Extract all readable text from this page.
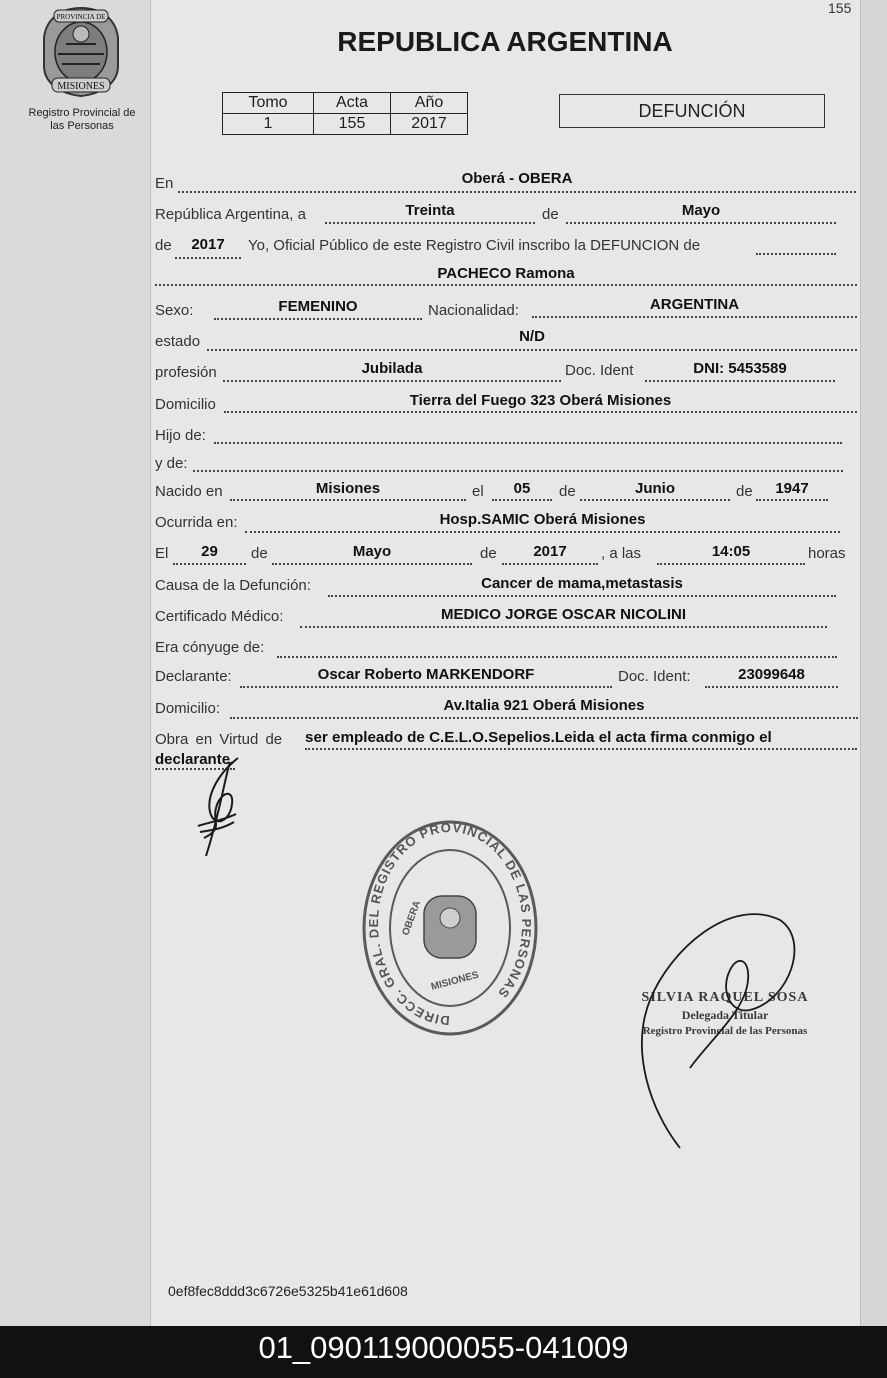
155
PROVINCIA DE
MISIONES
Registro Provincial de las Personas
REPUBLICA ARGENTINA
Tomo	Acta	Año
1	155	2017
DEFUNCIÓN
En	Oberá - OBERA
República Argentina, a	Treinta	de	Mayo
de	2017	Yo, Oficial Público de este Registro Civil inscribo la DEFUNCION de
PACHECO Ramona
Sexo:	FEMENINO	Nacionalidad:	ARGENTINA
estado	N/D
profesión	Jubilada	Doc. Ident	DNI: 5453589
Domicilio	Tierra del Fuego 323 Oberá Misiones
Hijo de:
y de:
Nacido en	Misiones	el	05	de	Junio	de	1947
Ocurrida en:	Hosp.SAMIC Oberá Misiones
El	29	de	Mayo	de	2017	, a las	14:05	horas
Causa de la Defunción:	Cancer de mama,metastasis
Certificado Médico:	MEDICO JORGE OSCAR NICOLINI
Era cónyuge de:
Declarante:	Oscar Roberto MARKENDORF	Doc. Ident:	23099648
Domicilio:	Av.Italia 921 Oberá Misiones
Obra en Virtud de ser empleado de C.E.L.O.Sepelios.Leida el acta firma conmigo el
declarante.
DIRECC. GRAL. DEL REGISTRO PROVINCIAL DE LAS PERSONAS
OBERA
MISIONES
SILVIA RAQUEL SOSA
Delegada Titular
Registro Provincial de las Personas
0ef8fec8ddd3c6726e5325b41e61d608
01_090119000055-041009
